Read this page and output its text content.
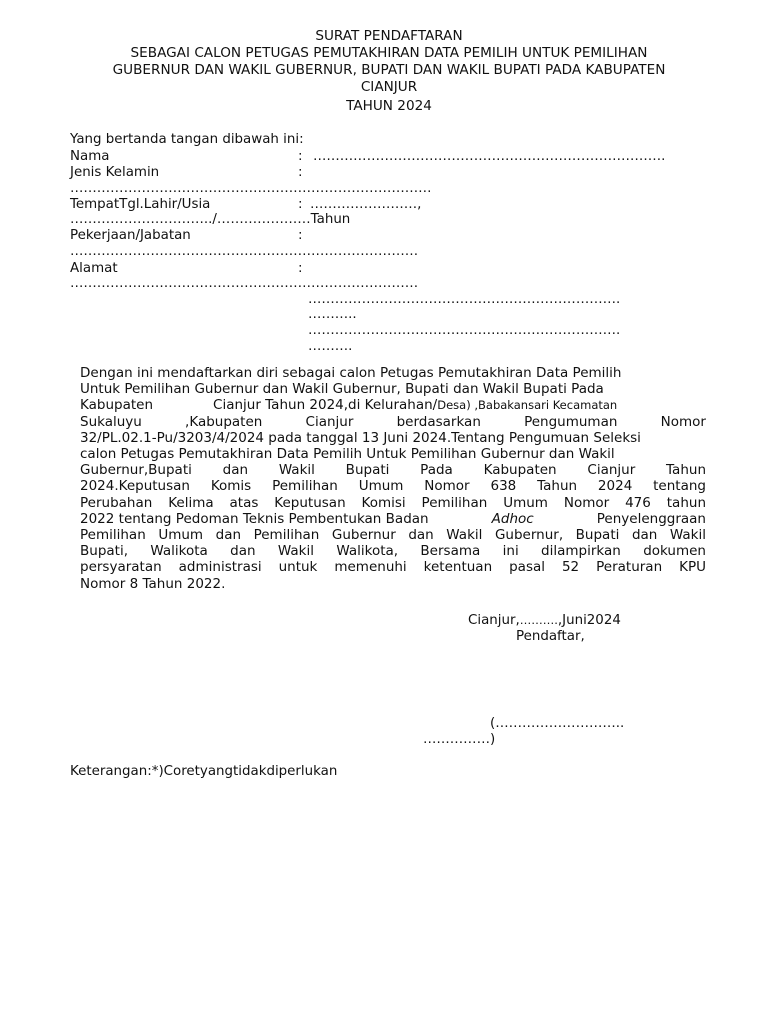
SURAT PENDAFTARAN
SEBAGAI CALON PETUGAS PEMUTAKHIRAN DATA PEMILIH UNTUK PEMILIHAN
GUBERNUR DAN WAKIL GUBERNUR, BUPATI DAN WAKIL BUPATI PADA KABUPATEN
CIANJUR
TAHUN 2024
Yang bertanda tangan dibawah ini:
Nama	: …………………………………………………………………….
Jenis Kelamin	:
………………………………………………………………………
TempatTgl.Lahir/Usia	: ……………………,
…………………………../…………………Tahun
Pekerjaan/Jabatan	:
……………………………………………………………………
Alamat	:
……………………………………………………………………
…………………………………………………………….
………..
…………………………………………………………….
……….
Dengan ini mendaftarkan diri sebagai calon Petugas Pemutakhiran Data Pemilih
Untuk Pemilihan Gubernur dan Wakil Gubernur, Bupati dan Wakil Bupati Pada
Kabupaten	Cianjur Tahun 2024,di Kelurahan/Desa) ,Babakansari Kecamatan
Sukaluyu	,Kabupaten	Cianjur	berdasarkan	Pengumuman	Nomor
32/PL.02.1-Pu/3203/4/2024 pada tanggal 13 Juni 2024.Tentang Pengumuan Seleksi
calon Petugas Pemutakhiran Data Pemilih Untuk Pemilihan Gubernur dan Wakil
Gubernur,Bupati dan Wakil Bupati Pada Kabupaten Cianjur Tahun
2024.Keputusan Komis Pemilihan Umum Nomor 638 Tahun 2024 tentang
Perubahan Kelima atas Keputusan Komisi Pemilihan Umum Nomor 476 tahun
2022 tentang Pedoman Teknis Pembentukan Badan	Adhoc	Penyelenggraan
Pemilihan Umum dan Pemilihan Gubernur dan Wakil Gubernur, Bupati dan Wakil
Bupati, Walikota dan Wakil Walikota, Bersama ini dilampirkan dokumen
persyaratan administrasi untuk memenuhi ketentuan pasal 52 Peraturan KPU
Nomor 8 Tahun 2022.
Cianjur,……….,Juni2024
Pendaftar,
(………………………..
……………)
Keterangan:*)Coretyangtidakdiperlukan
